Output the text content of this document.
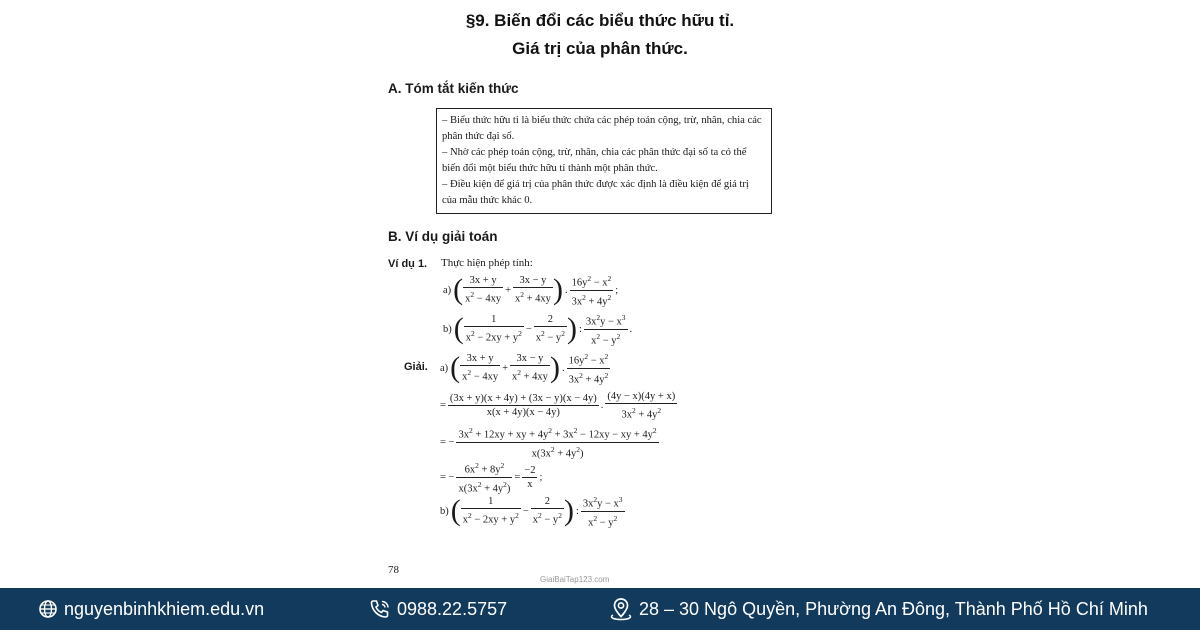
§9. Biến đổi các biểu thức hữu tỉ.
Giá trị của phân thức.
A. Tóm tắt kiến thức

– Biểu thức hữu tỉ là biểu thức chứa các phép toán cộng, trừ, nhân, chia các phân thức đại số.

– Nhờ các phép toán cộng, trừ, nhân, chia các phân thức đại số ta có thể biến đổi một biểu thức hữu tỉ thành một phân thức.

– Điều kiện để giá trị của phân thức được xác định là điều kiện để giá trị của mẫu thức khác 0.

B. Ví dụ giải toán
Ví dụ 1. Thực hiện phép tính:
$a)( \frac{3x + y}{x^2 - 4xy} + \frac{3x - y}{x^2 + 4xy}$ ) . $\frac{16y^2 - x^2}{3x^2 + 4y^2}$ ;
$b)( \frac{1}{x^2 - 2xy + y^2} - \frac{2}{x^2 - y^2}$ ) : $\frac{3x^2y - x^3}{x^2 - y^2}$ .
Giải. $a)( \frac{3x + y}{x^2 - 4xy} + \frac{3x - y}{x^2 + 4xy}$ ) . $\frac{16y^2 - x^2}{3x^2 + 4y^2}$
= $\frac{(3x + y)(x + 4y) + (3x - y)(x - 4y)}{x(x + 4y)(x - 4y)}$ . $\frac{(4y - x)(4y + x)}{3x^2 + 4y^2}$
= − $\frac{3x^2 + 12xy + xy + 4y^2 + 3x^2 - 12xy - xy + 4y^2}{x(3x^2 + 4y^2)}$
= − $\frac{6x^2 + 8y^2}{x(3x^2 + 4y^2)} = \frac{-2}{x}$ ;
$b)( \frac{1}{x^2 - 2xy + y^2} - \frac{2}{x^2 - y^2}$ ) : $\frac{3x^2y - x^3}{x^2 - y^2}$
78
GiaiBaiTap123.com
nguyenbinhkhiem.edu.vn	0988.22.5757	28 – 30 Ngô Quyền, Phường An Đông, Thành Phố Hồ Chí Minh
